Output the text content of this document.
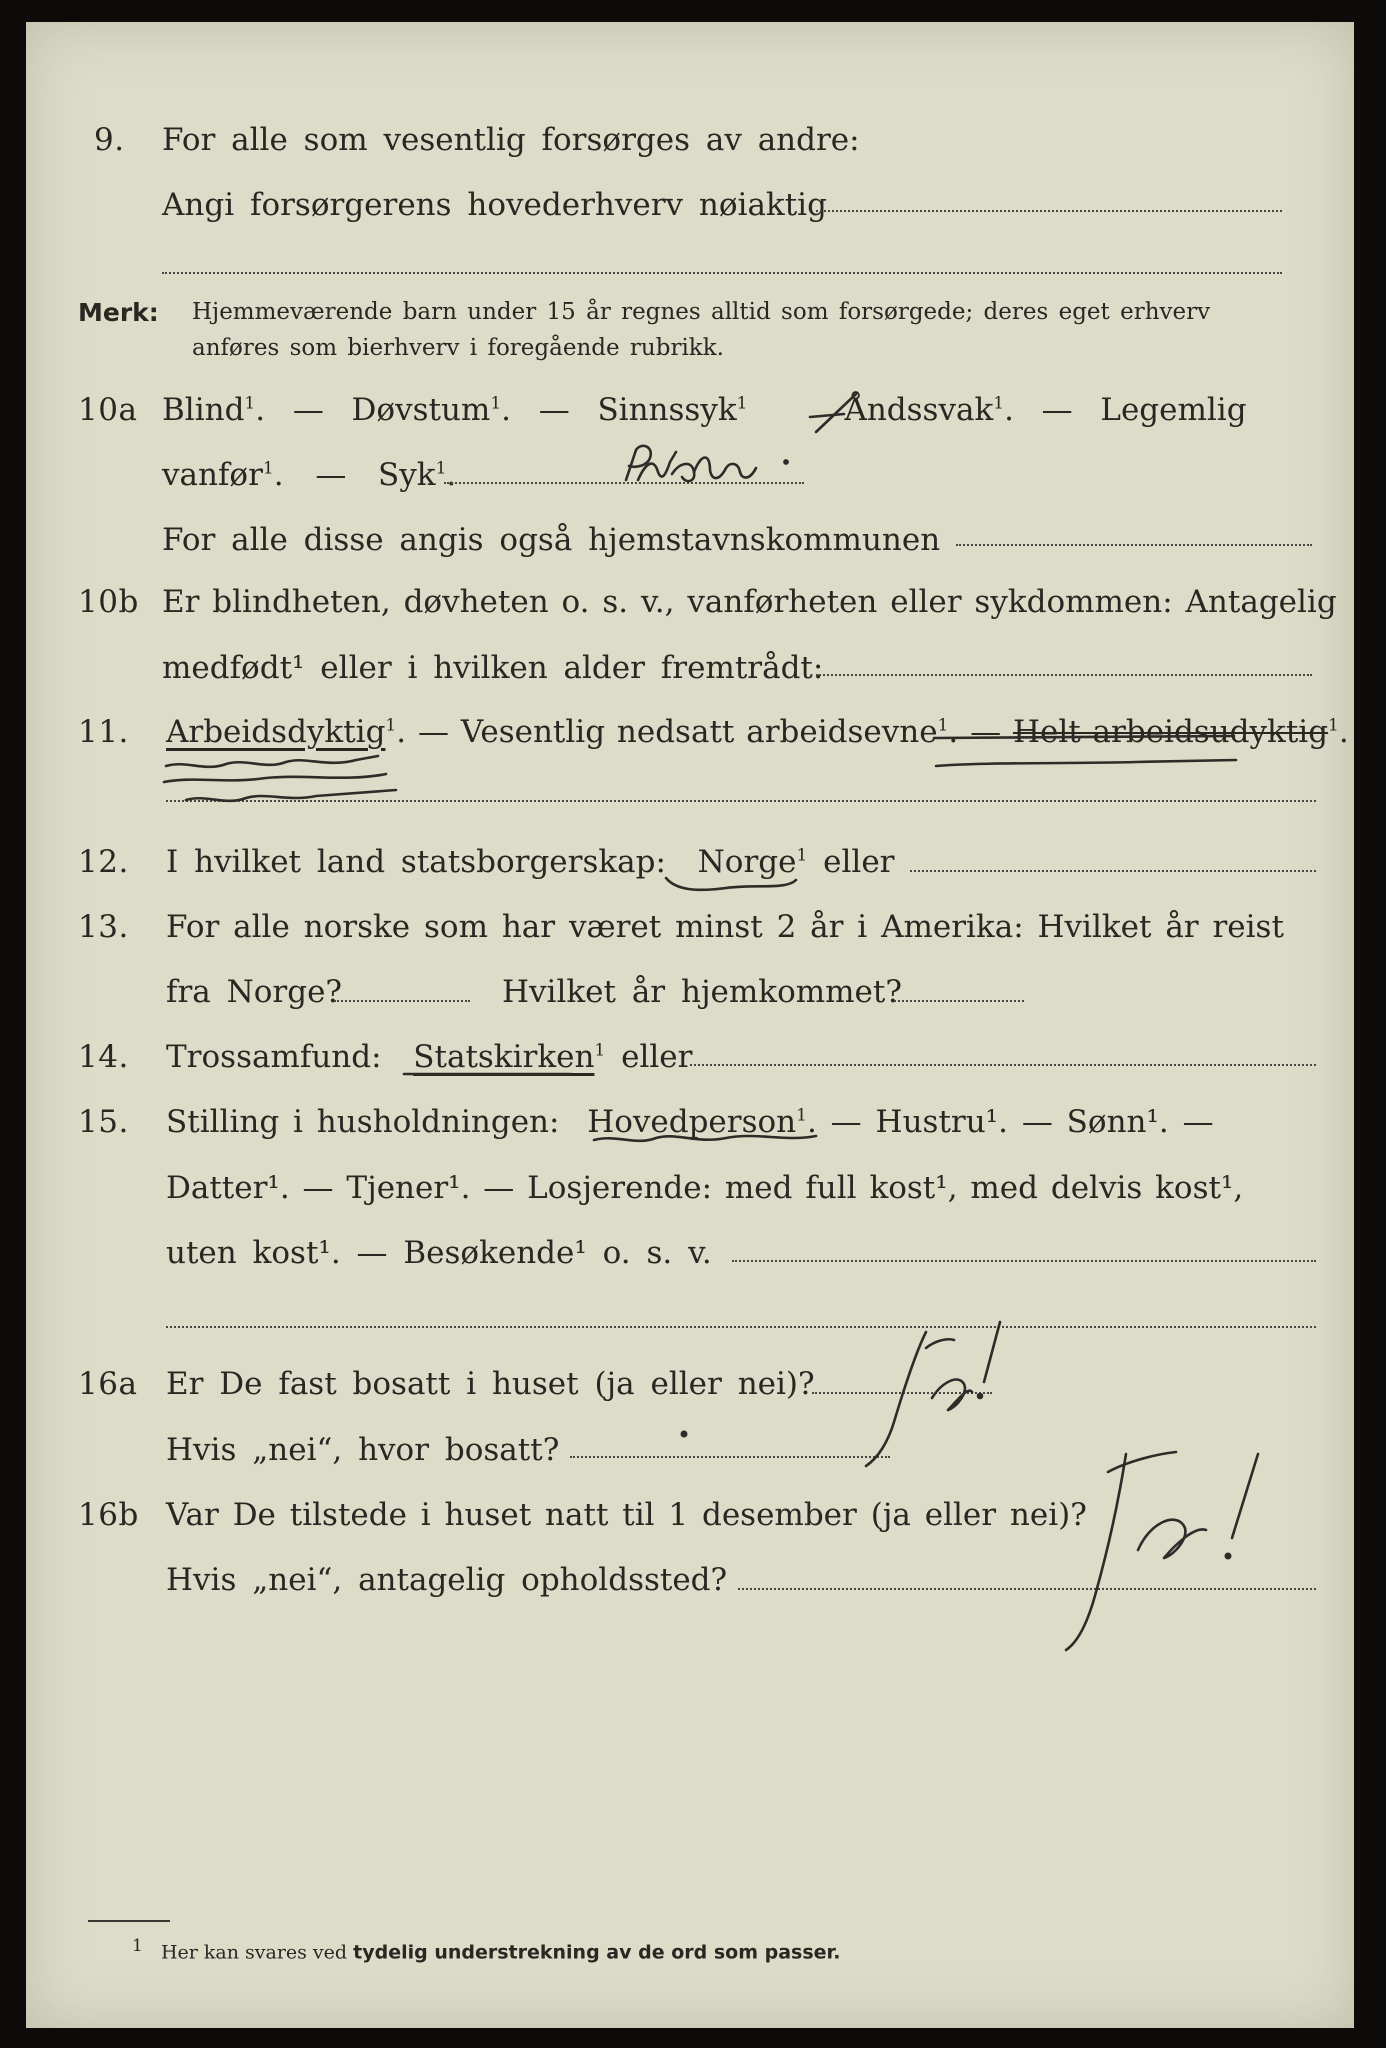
9. For alle som vesentlig forsørges av andre:
Angi forsørgerens hovederhverv nøiaktig
Merk: Hjemmeværende barn under 15 år regnes alltid som forsørgede; deres eget erhverv
anføres som bierhverv i foregående rubrikk.
10a Blind$^1$. — Døvstum$^1$. — Sinnssyk$^1$	Åndssvak$^1$. — Legemlig
vanfør$^1$. — Syk$^1$.
For alle disse angis også hjemstavnskommunen
10b Er blindheten, døvheten o. s. v., vanførheten eller sykdommen: Antagelig
medfødt¹ eller i hvilken alder fremtrådt:
11. Arbeidsdyktig$^1$. — Vesentlig nedsatt arbeidsevne$^1$. — Helt arbeidsudyktig$^1$.
12. I hvilket land statsborgerskap: Norge$^1$ eller
13. For alle norske som har været minst 2 år i Amerika: Hvilket år reist
fra Norge?	Hvilket år hjemkommet?
14. Trossamfund: Statskirken$^1$ eller
15. Stilling i husholdningen: Hovedperson$^1$. — Hustru¹. — Sønn¹. —
Datter¹. — Tjener¹. — Losjerende: med full kost¹, med delvis kost¹,
uten kost¹. — Besøkende¹ o. s. v.
16a Er De fast bosatt i huset (ja eller nei)?
Hvis „nei“, hvor bosatt?
16b Var De tilstede i huset natt til 1 desember (ja eller nei)?
Hvis „nei“, antagelig opholdssted?
1 Her kan svares ved tydelig understrekning av de ord som passer.
